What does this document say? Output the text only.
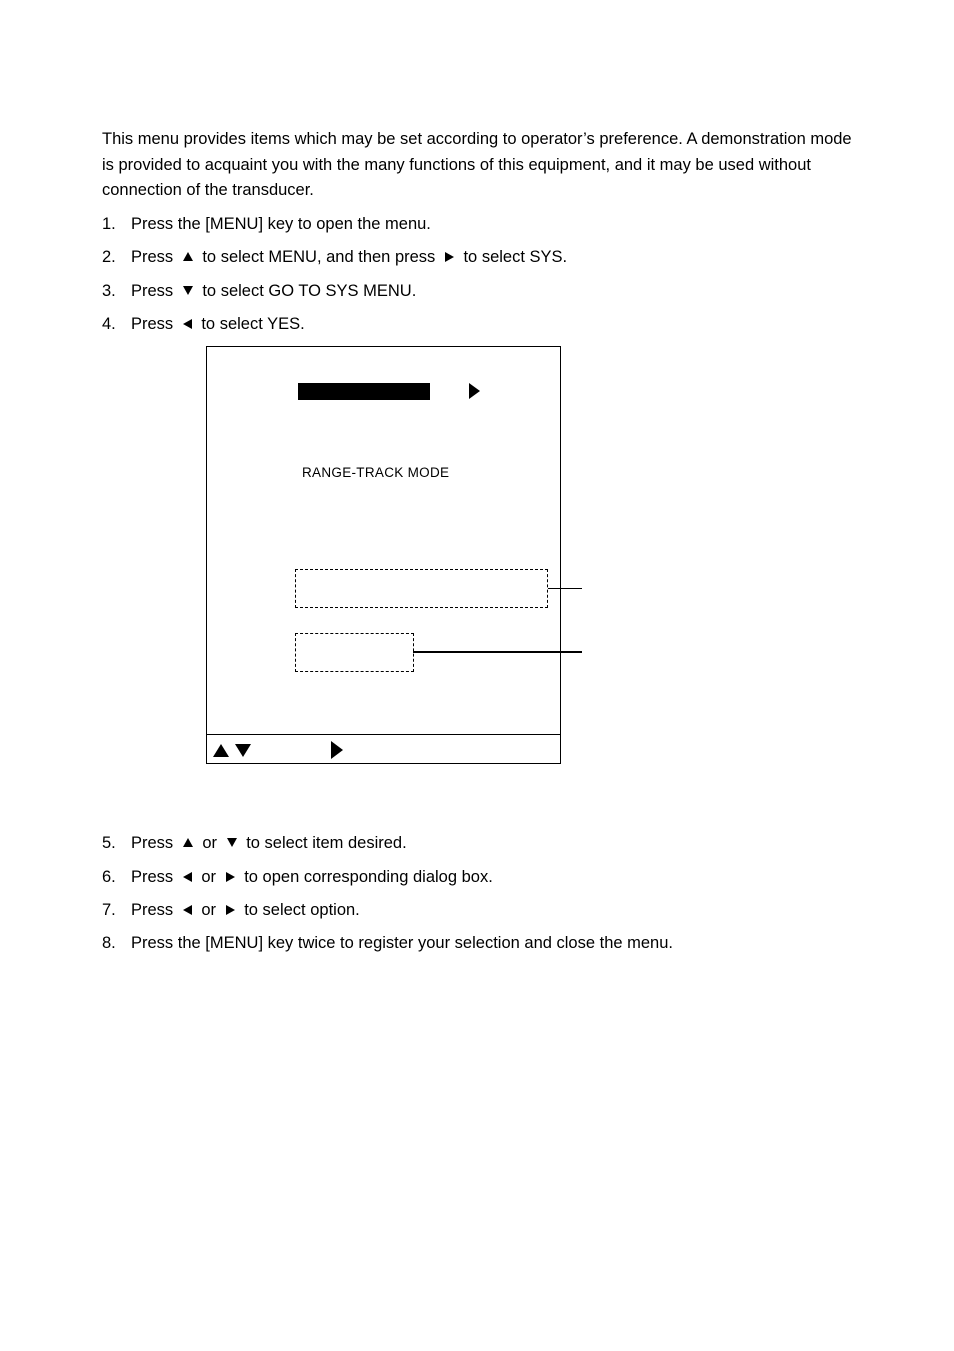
This menu provides items which may be set according to operator’s preference. A demonstration mode is provided to acquaint you with the many functions of this equipment, and it may be used without connection of the transducer.

1. Press the [MENU] key to open the menu.
2. Press  to select MENU, and then press  to select SYS.
3. Press  to select GO TO SYS MENU.
4. Press  to select YES.
5. Press  or  to select item desired.
6. Press  or  to open corresponding dialog box.
7. Press  or  to select option.
8. Press the [MENU] key twice to register your selection and close the menu.
RANGE-TRACK MODE
